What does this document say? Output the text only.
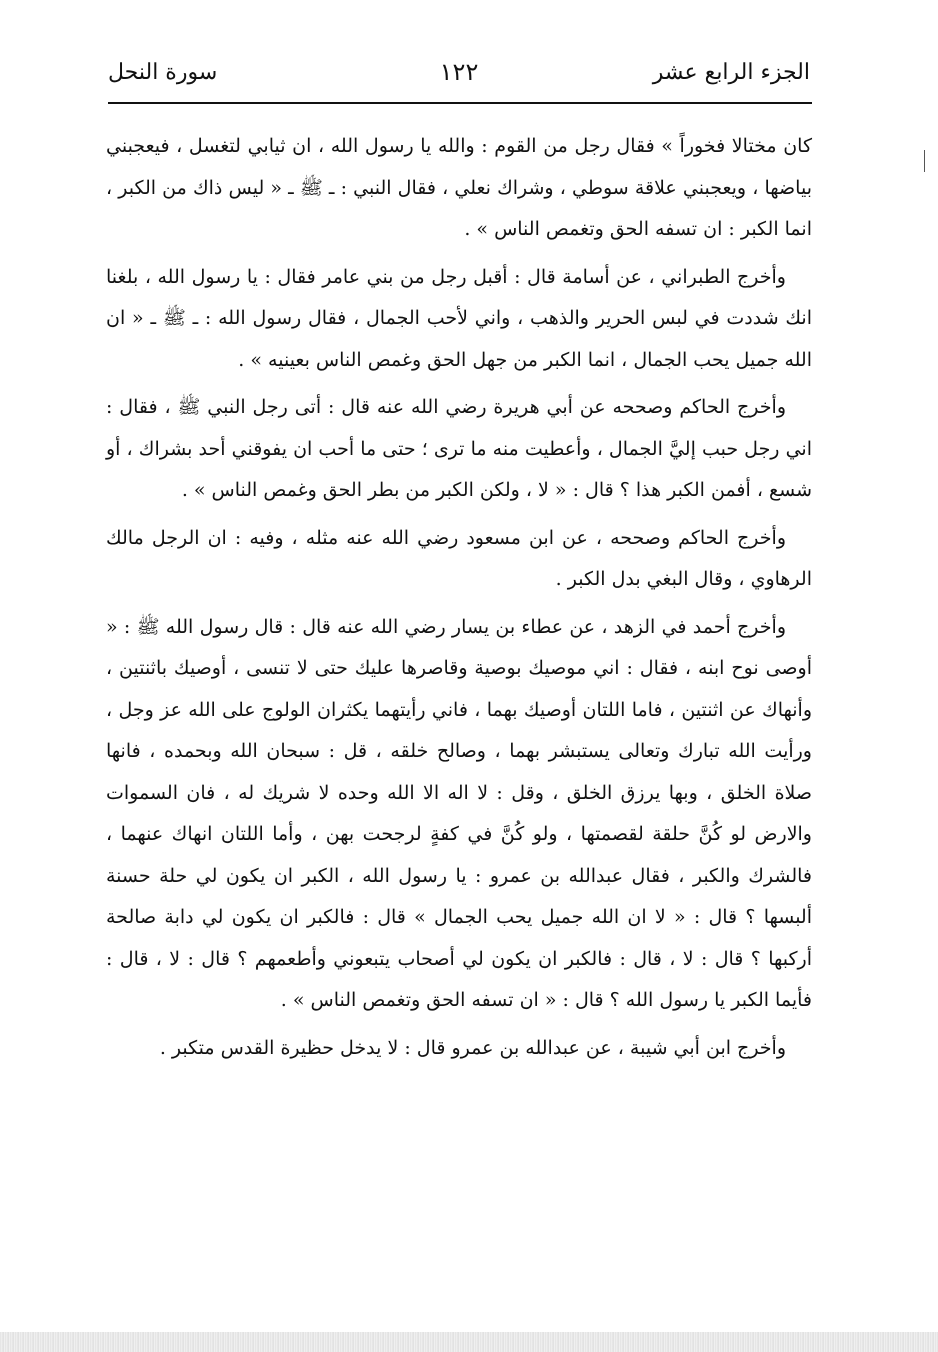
الجزء الرابع عشر
١٢٢
سورة النحل

كان مختالا فخوراً » فقال رجل من القوم : والله يا رسول الله ، ان ثيابي لتغسل ، فيعجبني بياضها ، ويعجبني علاقة سوطي ، وشراك نعلي ، فقال النبي : ـ ﷺ ـ « ليس ذاك من الكبر ، انما الكبر : ان تسفه الحق وتغمص الناس » .

وأخرج الطبراني ، عن أسامة قال : أقبل رجل من بني عامر فقال : يا رسول الله ، بلغنا انك شددت في لبس الحرير والذهب ، واني لأحب الجمال ، فقال رسول الله : ـ ﷺ ـ « ان الله جميل يحب الجمال ، انما الكبر من جهل الحق وغمص الناس بعينيه » .

وأخرج الحاكم وصححه عن أبي هريرة رضي الله عنه قال : أتى رجل النبي ﷺ ، فقال : اني رجل حبب إليَّ الجمال ، وأعطيت منه ما ترى ؛ حتى ما أحب ان يفوقني أحد بشراك ، أو شسع ، أفمن الكبر هذا ؟ قال : « لا ، ولكن الكبر من بطر الحق وغمص الناس » .

وأخرج الحاكم وصححه ، عن ابن مسعود رضي الله عنه مثله ، وفيه : ان الرجل مالك الرهاوي ، وقال البغي بدل الكبر .

وأخرج أحمد في الزهد ، عن عطاء بن يسار رضي الله عنه قال : قال رسول الله ﷺ : « أوصى نوح ابنه ، فقال : اني موصيك بوصية وقاصرها عليك حتى لا تنسى ، أوصيك باثنتين ، وأنهاك عن اثنتين ، فاما اللتان أوصيك بهما ، فاني رأيتهما يكثران الولوج على الله عز وجل ، ورأيت الله تبارك وتعالى يستبشر بهما ، وصالح خلقه ، قل : سبحان الله وبحمده ، فانها صلاة الخلق ، وبها يرزق الخلق ، وقل : لا اله الا الله وحده لا شريك له ، فان السموات والارض لو كُنَّ حلقة لقصمتها ، ولو كُنَّ في كفةٍ لرجحت بهن ، وأما اللتان انهاك عنهما ، فالشرك والكبر ، فقال عبدالله بن عمرو : يا رسول الله ، الكبر ان يكون لي حلة حسنة ألبسها ؟ قال : « لا ان الله جميل يحب الجمال » قال : فالكبر ان يكون لي دابة صالحة أركبها ؟ قال : لا ، قال : فالكبر ان يكون لي أصحاب يتبعوني وأطعمهم ؟ قال : لا ، قال : فأيما الكبر يا رسول الله ؟ قال : « ان تسفه الحق وتغمص الناس » .

وأخرج ابن أبي شيبة ، عن عبدالله بن عمرو قال : لا يدخل حظيرة القدس متكبر .
